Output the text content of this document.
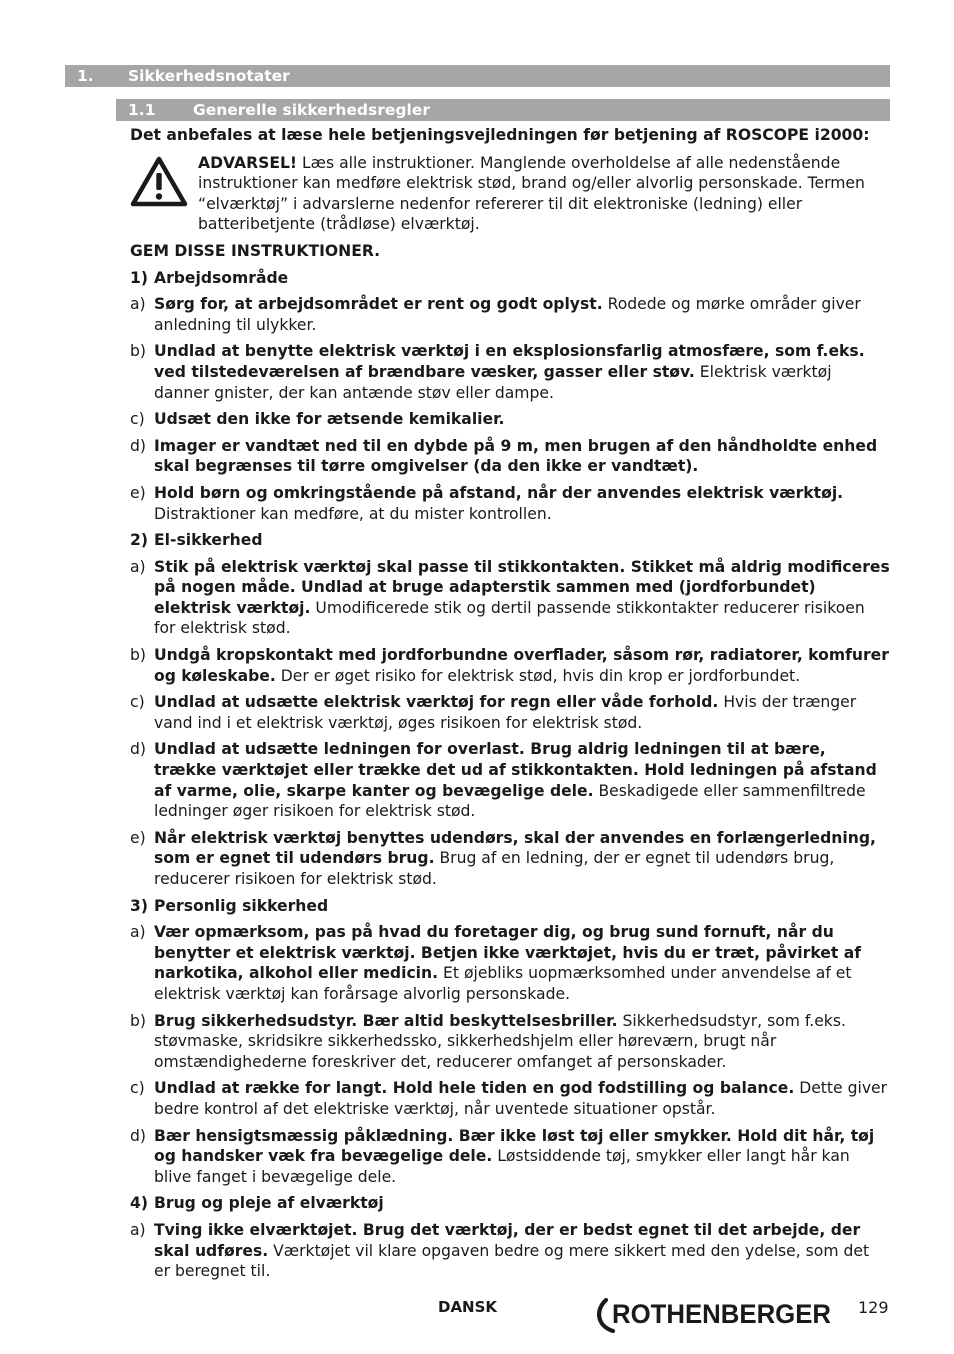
1. Sikkerhedsnotater
1.1 Generelle sikkerhedsregler

Det anbefales at læse hele betjeningsvejledningen før betjening af ROSCOPE i2000:

ADVARSEL! Læs alle instruktioner. Manglende overholdelse af alle nedenstående instruktioner kan medføre elektrisk stød, brand og/eller alvorlig personskade. Termen “elværktøj” i advarslerne nedenfor refererer til dit elektroniske (ledning) eller batteribetjente (trådløse) elværktøj.

GEM DISSE INSTRUKTIONER.

1) Arbejdsområde

a) Sørg for, at arbejdsområdet er rent og godt oplyst. Rodede og mørke områder giver anledning til ulykker.

b) Undlad at benytte elektrisk værktøj i en eksplosionsfarlig atmosfære, som f.eks. ved tilstedeværelsen af brændbare væsker, gasser eller støv. Elektrisk værktøj danner gnister, der kan antænde støv eller dampe.

c) Udsæt den ikke for ætsende kemikalier.

d) Imager er vandtæt ned til en dybde på 9 m, men brugen af den håndholdte enhed skal begrænses til tørre omgivelser (da den ikke er vandtæt).

e) Hold børn og omkringstående på afstand, når der anvendes elektrisk værktøj. Distraktioner kan medføre, at du mister kontrollen.

2) El-sikkerhed

a) Stik på elektrisk værktøj skal passe til stikkontakten. Stikket må aldrig modificeres på nogen måde. Undlad at bruge adapterstik sammen med (jordforbundet) elektrisk værktøj. Umodificerede stik og dertil passende stikkontakter reducerer risikoen for elektrisk stød.

b) Undgå kropskontakt med jordforbundne overflader, såsom rør, radiatorer, komfurer og køleskabe. Der er øget risiko for elektrisk stød, hvis din krop er jordforbundet.

c) Undlad at udsætte elektrisk værktøj for regn eller våde forhold. Hvis der trænger vand ind i et elektrisk værktøj, øges risikoen for elektrisk stød.

d) Undlad at udsætte ledningen for overlast. Brug aldrig ledningen til at bære, trække værktøjet eller trække det ud af stikkontakten. Hold ledningen på afstand af varme, olie, skarpe kanter og bevægelige dele. Beskadigede eller sammenfiltrede ledninger øger risikoen for elektrisk stød.

e) Når elektrisk værktøj benyttes udendørs, skal der anvendes en forlængerledning, som er egnet til udendørs brug. Brug af en ledning, der er egnet til udendørs brug, reducerer risikoen for elektrisk stød.

3) Personlig sikkerhed

a) Vær opmærksom, pas på hvad du foretager dig, og brug sund fornuft, når du benytter et elektrisk værktøj. Betjen ikke værktøjet, hvis du er træt, påvirket af narkotika, alkohol eller medicin. Et øjebliks uopmærksomhed under anvendelse af et elektrisk værktøj kan forårsage alvorlig personskade.

b) Brug sikkerhedsudstyr. Bær altid beskyttelsesbriller. Sikkerhedsudstyr, som f.eks. støvmaske, skridsikre sikkerhedssko, sikkerhedshjelm eller høreværn, brugt når omstændighederne foreskriver det, reducerer omfanget af personskader.

c) Undlad at række for langt. Hold hele tiden en god fodstilling og balance. Dette giver bedre kontrol af det elektriske værktøj, når uventede situationer opstår.

d) Bær hensigtsmæssig påklædning. Bær ikke løst tøj eller smykker. Hold dit hår, tøj og handsker væk fra bevægelige dele. Løstsiddende tøj, smykker eller langt hår kan blive fanget i bevægelige dele.

4) Brug og pleje af elværktøj

a) Tving ikke elværktøjet. Brug det værktøj, der er bedst egnet til det arbejde, der skal udføres. Værktøjet vil klare opgaven bedre og mere sikkert med den ydelse, som det er beregnet til.

DANSK	ROTHENBERGER 129
